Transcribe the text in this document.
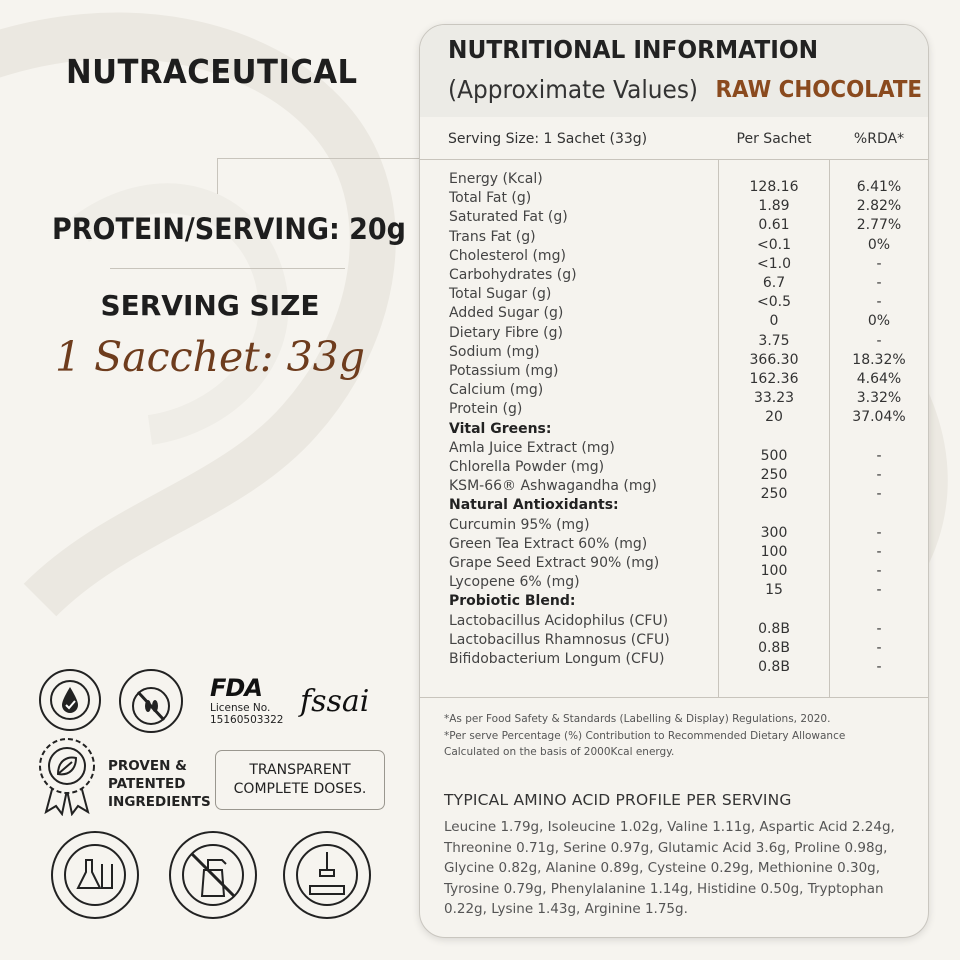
NUTRACEUTICAL
PROTEIN/SERVING: 20g
SERVING SIZE
1 Sacchet: 33g
FDA
License No.
15160503322
fssai
PROVEN &
PATENTED
INGREDIENTS
TRANSPARENT
COMPLETE DOSES.
NUTRITIONAL INFORMATION
(Approximate Values) RAW CHOCOLATE
Serving Size: 1 Sachet (33g)	Per Sachet	%RDA*
Energy (Kcal)	128.16	6.41%
Total Fat (g)	1.89	2.82%
Saturated Fat (g)	0.61	2.77%
Trans Fat (g)	<0.1	0%
Cholesterol (mg)	<1.0	-
Carbohydrates (g)	6.7	-
Total Sugar (g)	<0.5	-
Added Sugar (g)	0	0%
Dietary Fibre (g)	3.75	-
Sodium (mg)	366.30	18.32%
Potassium (mg)	162.36	4.64%
Calcium (mg)	33.23	3.32%
Protein (g)	20	37.04%
Vital Greens:
Amla Juice Extract (mg)	500	-
Chlorella Powder (mg)	250	-
KSM-66® Ashwagandha (mg)	250	-
Natural Antioxidants:
Curcumin 95% (mg)	300	-
Green Tea Extract 60% (mg)	100	-
Grape Seed Extract 90% (mg)	100	-
Lycopene 6% (mg)	15	-
Probiotic Blend:
Lactobacillus Acidophilus (CFU)	0.8B	-
Lactobacillus Rhamnosus (CFU)	0.8B	-
Bifidobacterium Longum (CFU)	0.8B	-
*As per Food Safety & Standards (Labelling & Display) Regulations, 2020.
*Per serve Percentage (%) Contribution to Recommended Dietary Allowance
Calculated on the basis of 2000Kcal energy.
TYPICAL AMINO ACID PROFILE PER SERVING
Leucine 1.79g, Isoleucine 1.02g, Valine 1.11g, Aspartic Acid 2.24g, Threonine 0.71g, Serine 0.97g, Glutamic Acid 3.6g, Proline 0.98g, Glycine 0.82g, Alanine 0.89g, Cysteine 0.29g, Methionine 0.30g, Tyrosine 0.79g, Phenylalanine 1.14g, Histidine 0.50g, Tryptophan 0.22g, Lysine 1.43g, Arginine 1.75g.
